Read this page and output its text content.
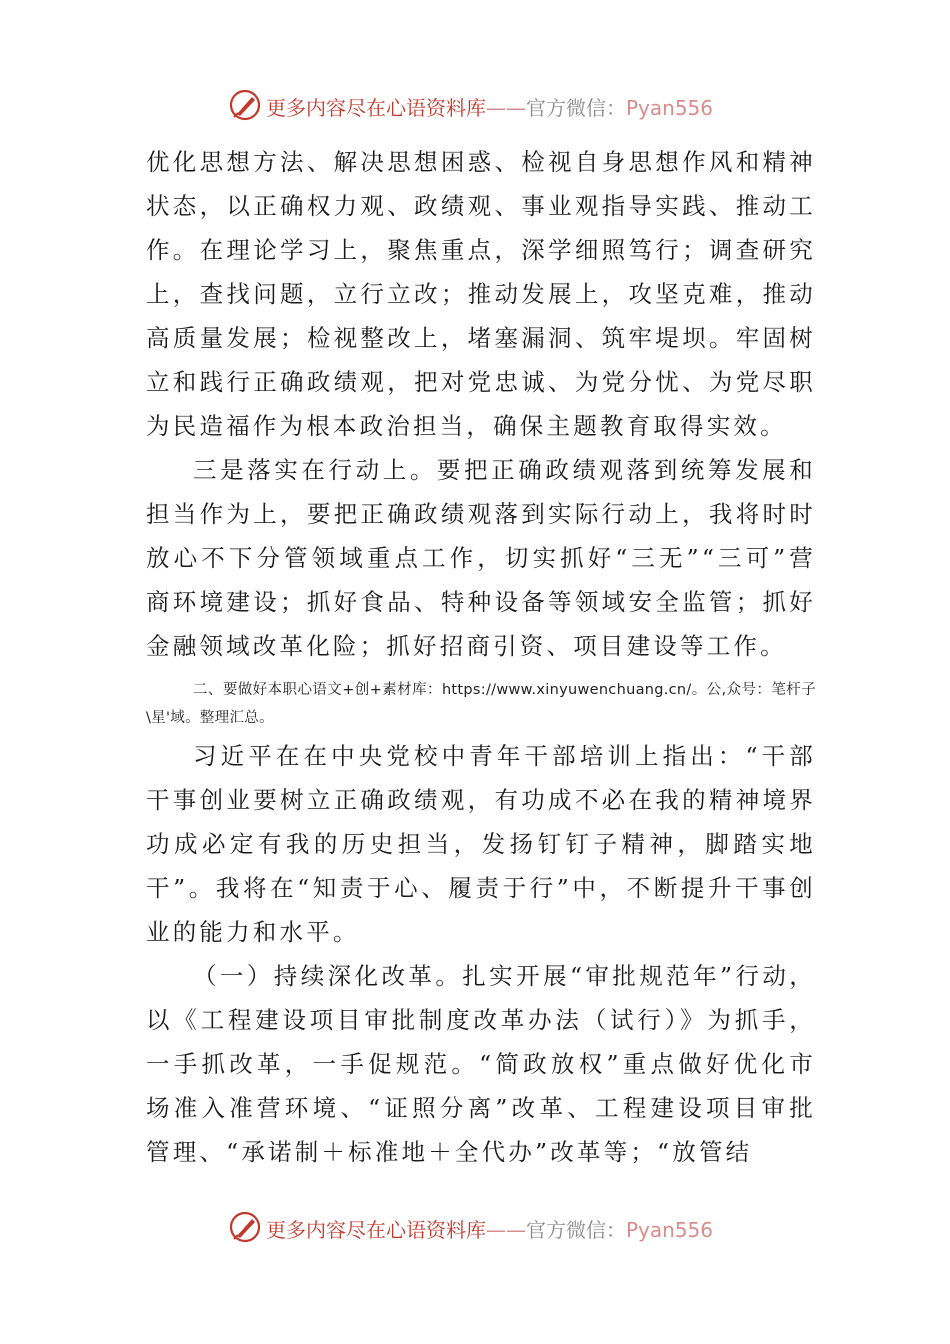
更多内容尽在心语资料库——官方微信：Pyan556

优化思想方法、解决思想困惑、检视自身思想作风和精神状态，以正确权力观、政绩观、事业观指导实践、推动工作。在理论学习上，聚焦重点，深学细照笃行；调查研究上，查找问题，立行立改；推动发展上，攻坚克难，推动高质量发展；检视整改上，堵塞漏洞、筑牢堤坝。牢固树立和践行正确政绩观，把对党忠诚、为党分忧、为党尽职为民造福作为根本政治担当，确保主题教育取得实效。

三是落实在行动上。要把正确政绩观落到统筹发展和担当作为上，要把正确政绩观落到实际行动上，我将时时放心不下分管领域重点工作，切实抓好“三无”“三可”营商环境建设；抓好食品、特种设备等领域安全监管；抓好金融领域改革化险；抓好招商引资、项目建设等工作。

二、要做好本职心语文+创+素材库：https://www.xinyuwenchuang.cn/。公,众号：笔杆子\星'域。整理汇总。

习近平在在中央党校中青年干部培训上指出：“干部干事创业要树立正确政绩观，有功成不必在我的精神境界功成必定有我的历史担当，发扬钉钉子精神，脚踏实地干”。我将在“知责于心、履责于行”中，不断提升干事创业的能力和水平。

（一）持续深化改革。扎实开展“审批规范年”行动，以《工程建设项目审批制度改革办法（试行）》为抓手，一手抓改革，一手促规范。“简政放权”重点做好优化市场准入准营环境、“证照分离”改革、工程建设项目审批管理、“承诺制＋标准地＋全代办”改革等；“放管结

更多内容尽在心语资料库——官方微信：Pyan556
